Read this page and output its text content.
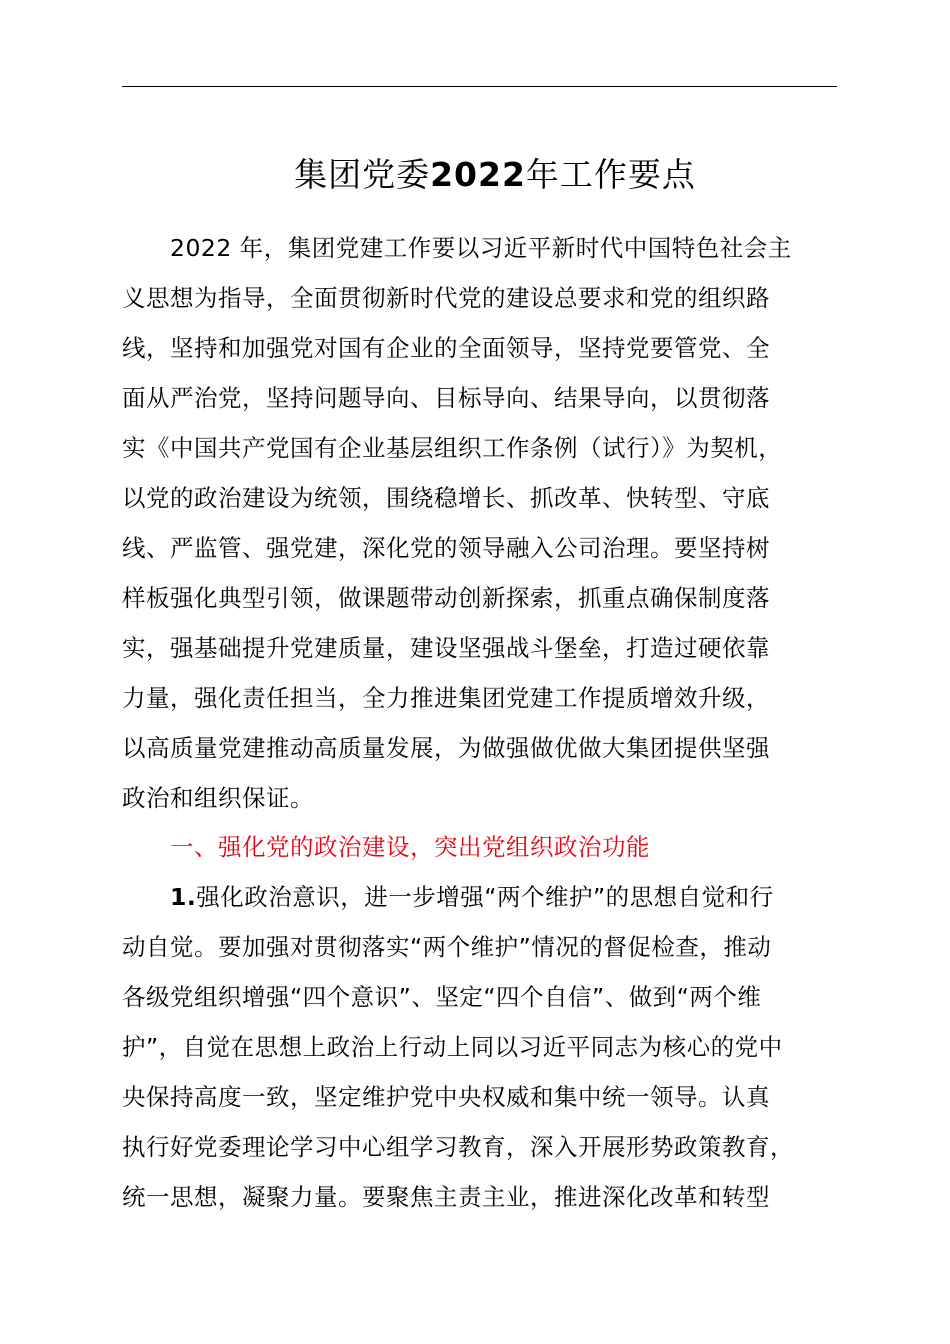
集团党委2022年工作要点
2022 年，集团党建工作要以习近平新时代中国特色社会主
义思想为指导，全面贯彻新时代党的建设总要求和党的组织路
线，坚持和加强党对国有企业的全面领导，坚持党要管党、全
面从严治党，坚持问题导向、目标导向、结果导向，以贯彻落
实《中国共产党国有企业基层组织工作条例（试行）》为契机，
以党的政治建设为统领，围绕稳增长、抓改革、快转型、守底
线、严监管、强党建，深化党的领导融入公司治理。要坚持树
样板强化典型引领，做课题带动创新探索，抓重点确保制度落
实，强基础提升党建质量，建设坚强战斗堡垒，打造过硬依靠
力量，强化责任担当，全力推进集团党建工作提质增效升级，
以高质量党建推动高质量发展，为做强做优做大集团提供坚强
政治和组织保证。
一、强化党的政治建设，突出党组织政治功能
1.强化政治意识，进一步增强“两个维护”的思想自觉和行
动自觉。要加强对贯彻落实“两个维护”情况的督促检查，推动
各级党组织增强“四个意识”、坚定“四个自信”、做到“两个维
护”，自觉在思想上政治上行动上同以习近平同志为核心的党中
央保持高度一致，坚定维护党中央权威和集中统一领导。认真
执行好党委理论学习中心组学习教育，深入开展形势政策教育，
统一思想，凝聚力量。要聚焦主责主业，推进深化改革和转型
